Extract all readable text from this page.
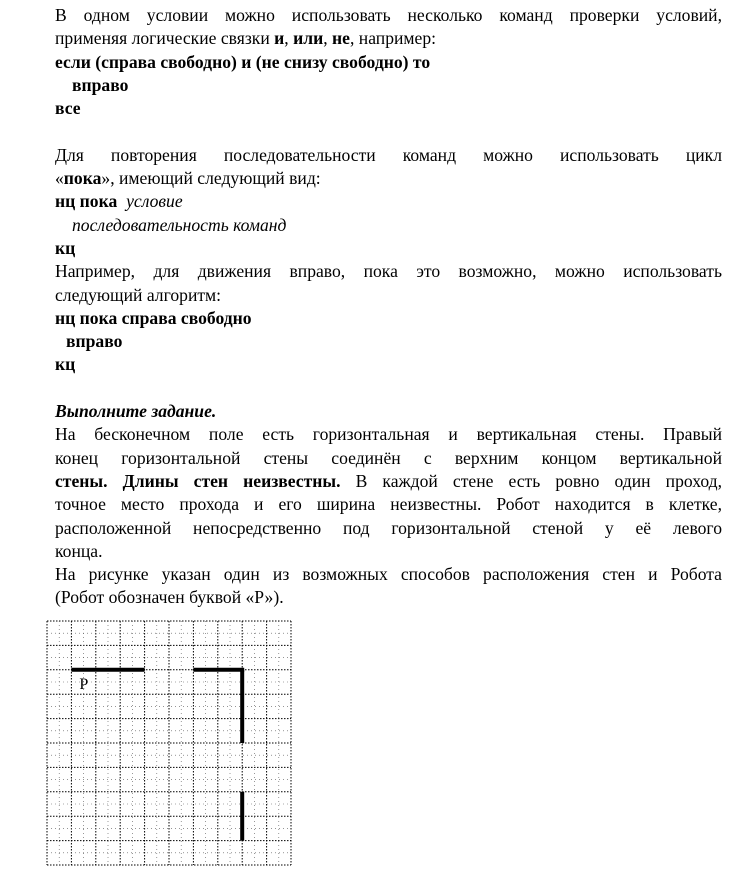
В одном условии можно использовать несколько команд проверки условий,
применяя логические связки и, или, не, например:
если (справа свободно) и (не снизу свободно) то
вправо
все
Для повторения последовательности команд можно использовать цикл
«пока», имеющий следующий вид:
нц пока условие
последовательность команд
кц
Например, для движения вправо, пока это возможно, можно использовать
следующий алгоритм:
нц пока справа свободно
вправо
кц
Выполните задание.
На бесконечном поле есть горизонтальная и вертикальная стены. Правый
конец горизонтальной стены соединён с верхним концом вертикальной
стены. Длины стен неизвестны. В каждой стене есть ровно один проход,
точное место прохода и его ширина неизвестны. Робот находится в клетке,
расположенной непосредственно под горизонтальной стеной у её левого
конца.
На рисунке указан один из возможных способов расположения стен и Робота
(Робот обозначен буквой «Р»).
Р
